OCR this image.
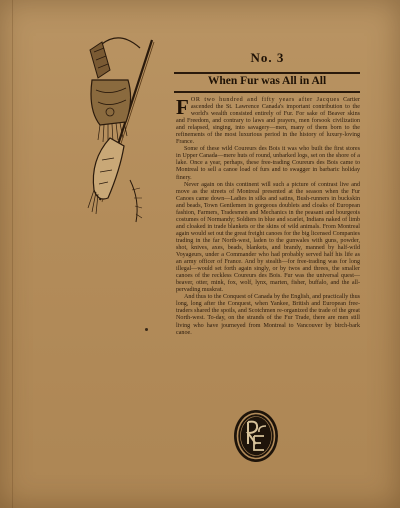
No. 3
When Fur was All in All

FOR two hundred and fifty years after Jacques Cartier ascended the St. Lawrence Canada's important contribution to the world's wealth consisted entirely of Fur. For sake of Beaver skins and Freedom, and contrary to laws and prayers, men forsook civilization and relapsed, singing, into savagery—men, many of them born to the refinements of the most luxurious period in the history of luxury-loving France.

Some of these wild Coureurs des Bois it was who built the first stores in Upper Canada—mere huts of round, unbarked logs, set on the shore of a lake. Once a year, perhaps, these free-trading Coureurs des Bois came to Montreal to sell a canoe load of furs and to swagger in barbaric holiday finery.

Never again on this continent will such a picture of contrast live and move as the streets of Montreal presented at the season when the Fur Canoes came down—Ladies in silks and satins, Bush-runners in buckskin and beads, Town Gentlemen in gorgeous doublets and cloaks of European fashion, Farmers, Tradesmen and Mechanics in the peasant and bourgeois costumes of Normandy; Soldiers in blue and scarlet, Indians naked of limb and cloaked in trade blankets or the skins of wild animals. From Montreal again would set out the great freight canoes for the big licensed Companies trading in the far North-west, laden to the gunwales with guns, powder, shot, knives, axes, beads, blankets, and brandy, manned by half-wild Voyageurs, under a Commander who had probably served half his life as an army officer of France. And by stealth—for free-trading was for long illegal—would set forth again singly, or by twos and threes, the smaller canoes of the reckless Coureurs des Bois. Fur was the universal quest—beaver, otter, mink, fox, wolf, lynx, marten, fisher, buffalo, and the all-pervading muskrat.

And thus to the Conquest of Canada by the English, and practically thus long, long after the Conquest, when Yankee, British and European free-traders shared the spoils, and Scotchmen re-organized the trade of the great North-west. To-day, on the strands of the Fur Trade, there are men still living who have journeyed from Montreal to Vancouver by birch-bark canoe.
